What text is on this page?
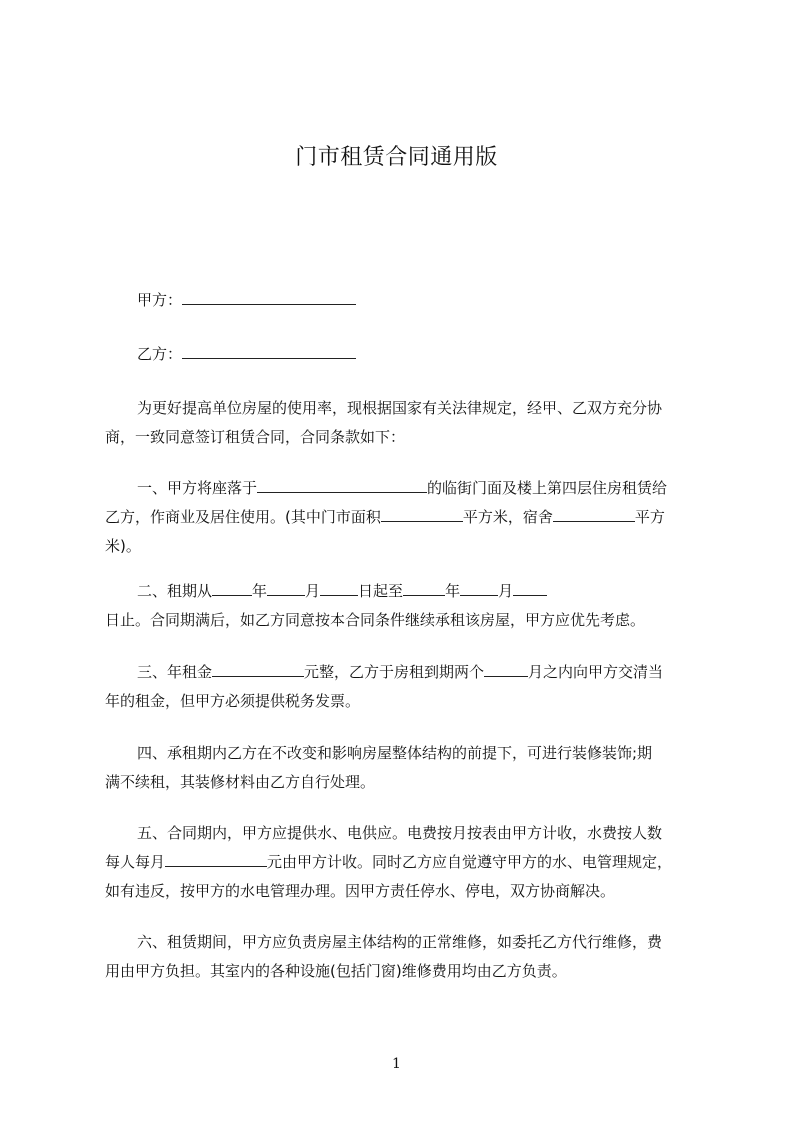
门市租赁合同通用版
甲方：
乙方：

为更好提高单位房屋的使用率，现根据国家有关法律规定，经甲、乙双方充分协

商，一致同意签订租赁合同，合同条款如下：

一、甲方将座落于	的临街门面及楼上第四层住房租赁给

乙方，作商业及居住使用。(其中门市面积	平方米，宿舍	平方

米)。

二、租期从	年	月	日起至	年	月

日止。合同期满后，如乙方同意按本合同条件继续承租该房屋，甲方应优先考虑。

三、年租金	元整，乙方于房租到期两个	月之内向甲方交清当

年的租金，但甲方必须提供税务发票。

四、承租期内乙方在不改变和影响房屋整体结构的前提下，可进行装修装饰;期

满不续租，其装修材料由乙方自行处理。

五、合同期内，甲方应提供水、电供应。电费按月按表由甲方计收，水费按人数

每人每月	元由甲方计收。同时乙方应自觉遵守甲方的水、电管理规定，

如有违反，按甲方的水电管理办理。因甲方责任停水、停电，双方协商解决。

六、租赁期间，甲方应负责房屋主体结构的正常维修，如委托乙方代行维修，费

用由甲方负担。其室内的各种设施(包括门窗)维修费用均由乙方负责。

1
